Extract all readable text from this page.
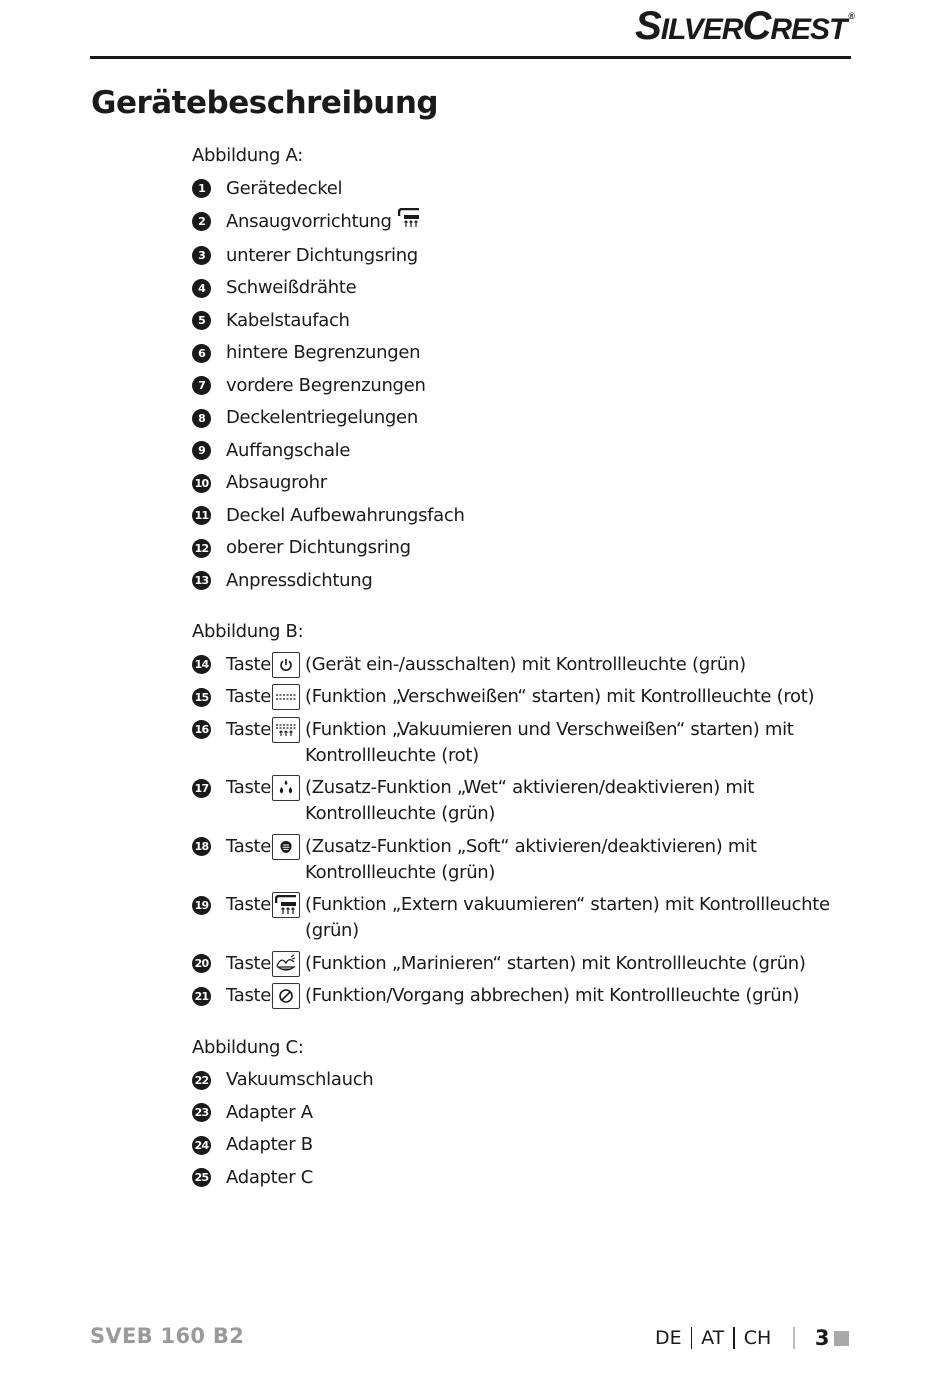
SILVERCREST ®
Gerätebeschreibung
Abbildung A:
1	Gerätedeckel
2	Ansaugvorrichtung
3	unterer Dichtungsring
4	Schweißdrähte
5	Kabelstaufach
6	hintere Begrenzungen
7	vordere Begrenzungen
8	Deckelentriegelungen
9	Auffangschale
10 Absaugrohr
11 Deckel Aufbewahrungsfach
12 oberer Dichtungsring
13 Anpressdichtung
Abbildung B:
14 Taste (Gerät ein-/ausschalten) mit Kontrollleuchte (grün)
15 Taste (Funktion „Verschweißen“ starten) mit Kontrollleuchte (rot)
16 Taste (Funktion „Vakuumieren und Verschweißen“ starten) mit Kontrollleuchte (rot)
17 Taste (Zusatz-Funktion „Wet“ aktivieren/deaktivieren) mit Kontrollleuchte (grün)
18 Taste (Zusatz-Funktion „Soft“ aktivieren/deaktivieren) mit Kontrollleuchte (grün)
19 Taste (Funktion „Extern vakuumieren“ starten) mit Kontrollleuchte (grün)
20 Taste (Funktion „Marinieren“ starten) mit Kontrollleuchte (grün)
21 Taste (Funktion/Vorgang abbrechen) mit Kontrollleuchte (grün)
Abbildung C:
22 Vakuumschlauch
23 Adapter A
24 Adapter B
25 Adapter C
SVEB 160 B2	DE AT CH 3
